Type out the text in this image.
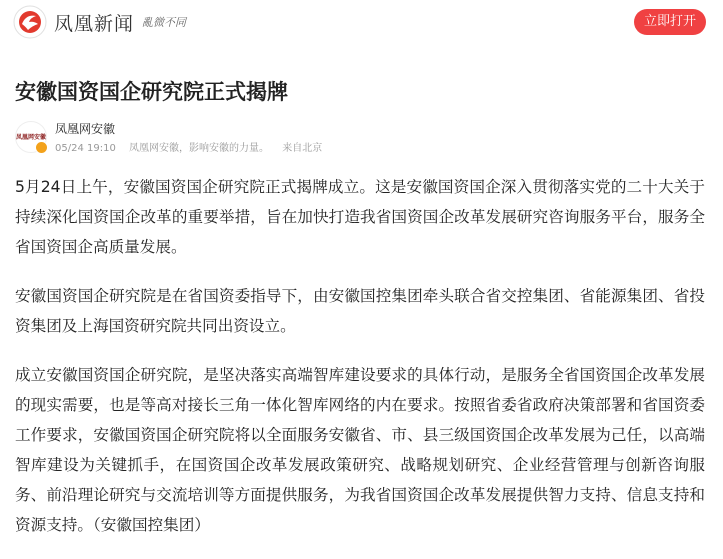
凤凰新闻 亂微不同	立即打开
安徽国资国企研究院正式揭牌
凤凰网安徽
凤凰网安徽
05/24 19:10 凤凰网安徽，影响安徽的力量。 来自北京

5月24日上午，安徽国资国企研究院正式揭牌成立。这是安徽国资国企深入贯彻落实党的二十大关于持续深化国资国企改革的重要举措，旨在加快打造我省国资国企改革发展研究咨询服务平台，服务全省国资国企高质量发展。

安徽国资国企研究院是在省国资委指导下，由安徽国控集团牵头联合省交控集团、省能源集团、省投资集团及上海国资研究院共同出资设立。

成立安徽国资国企研究院，是坚决落实高端智库建设要求的具体行动，是服务全省国资国企改革发展的现实需要，也是等高对接长三角一体化智库网络的内在要求。按照省委省政府决策部署和省国资委工作要求，安徽国资国企研究院将以全面服务安徽省、市、县三级国资国企改革发展为己任，以高端智库建设为关键抓手，在国资国企改革发展政策研究、战略规划研究、企业经营管理与创新咨询服务、前沿理论研究与交流培训等方面提供服务，为我省国资国企改革发展提供智力支持、信息支持和资源支持。（安徽国控集团）
